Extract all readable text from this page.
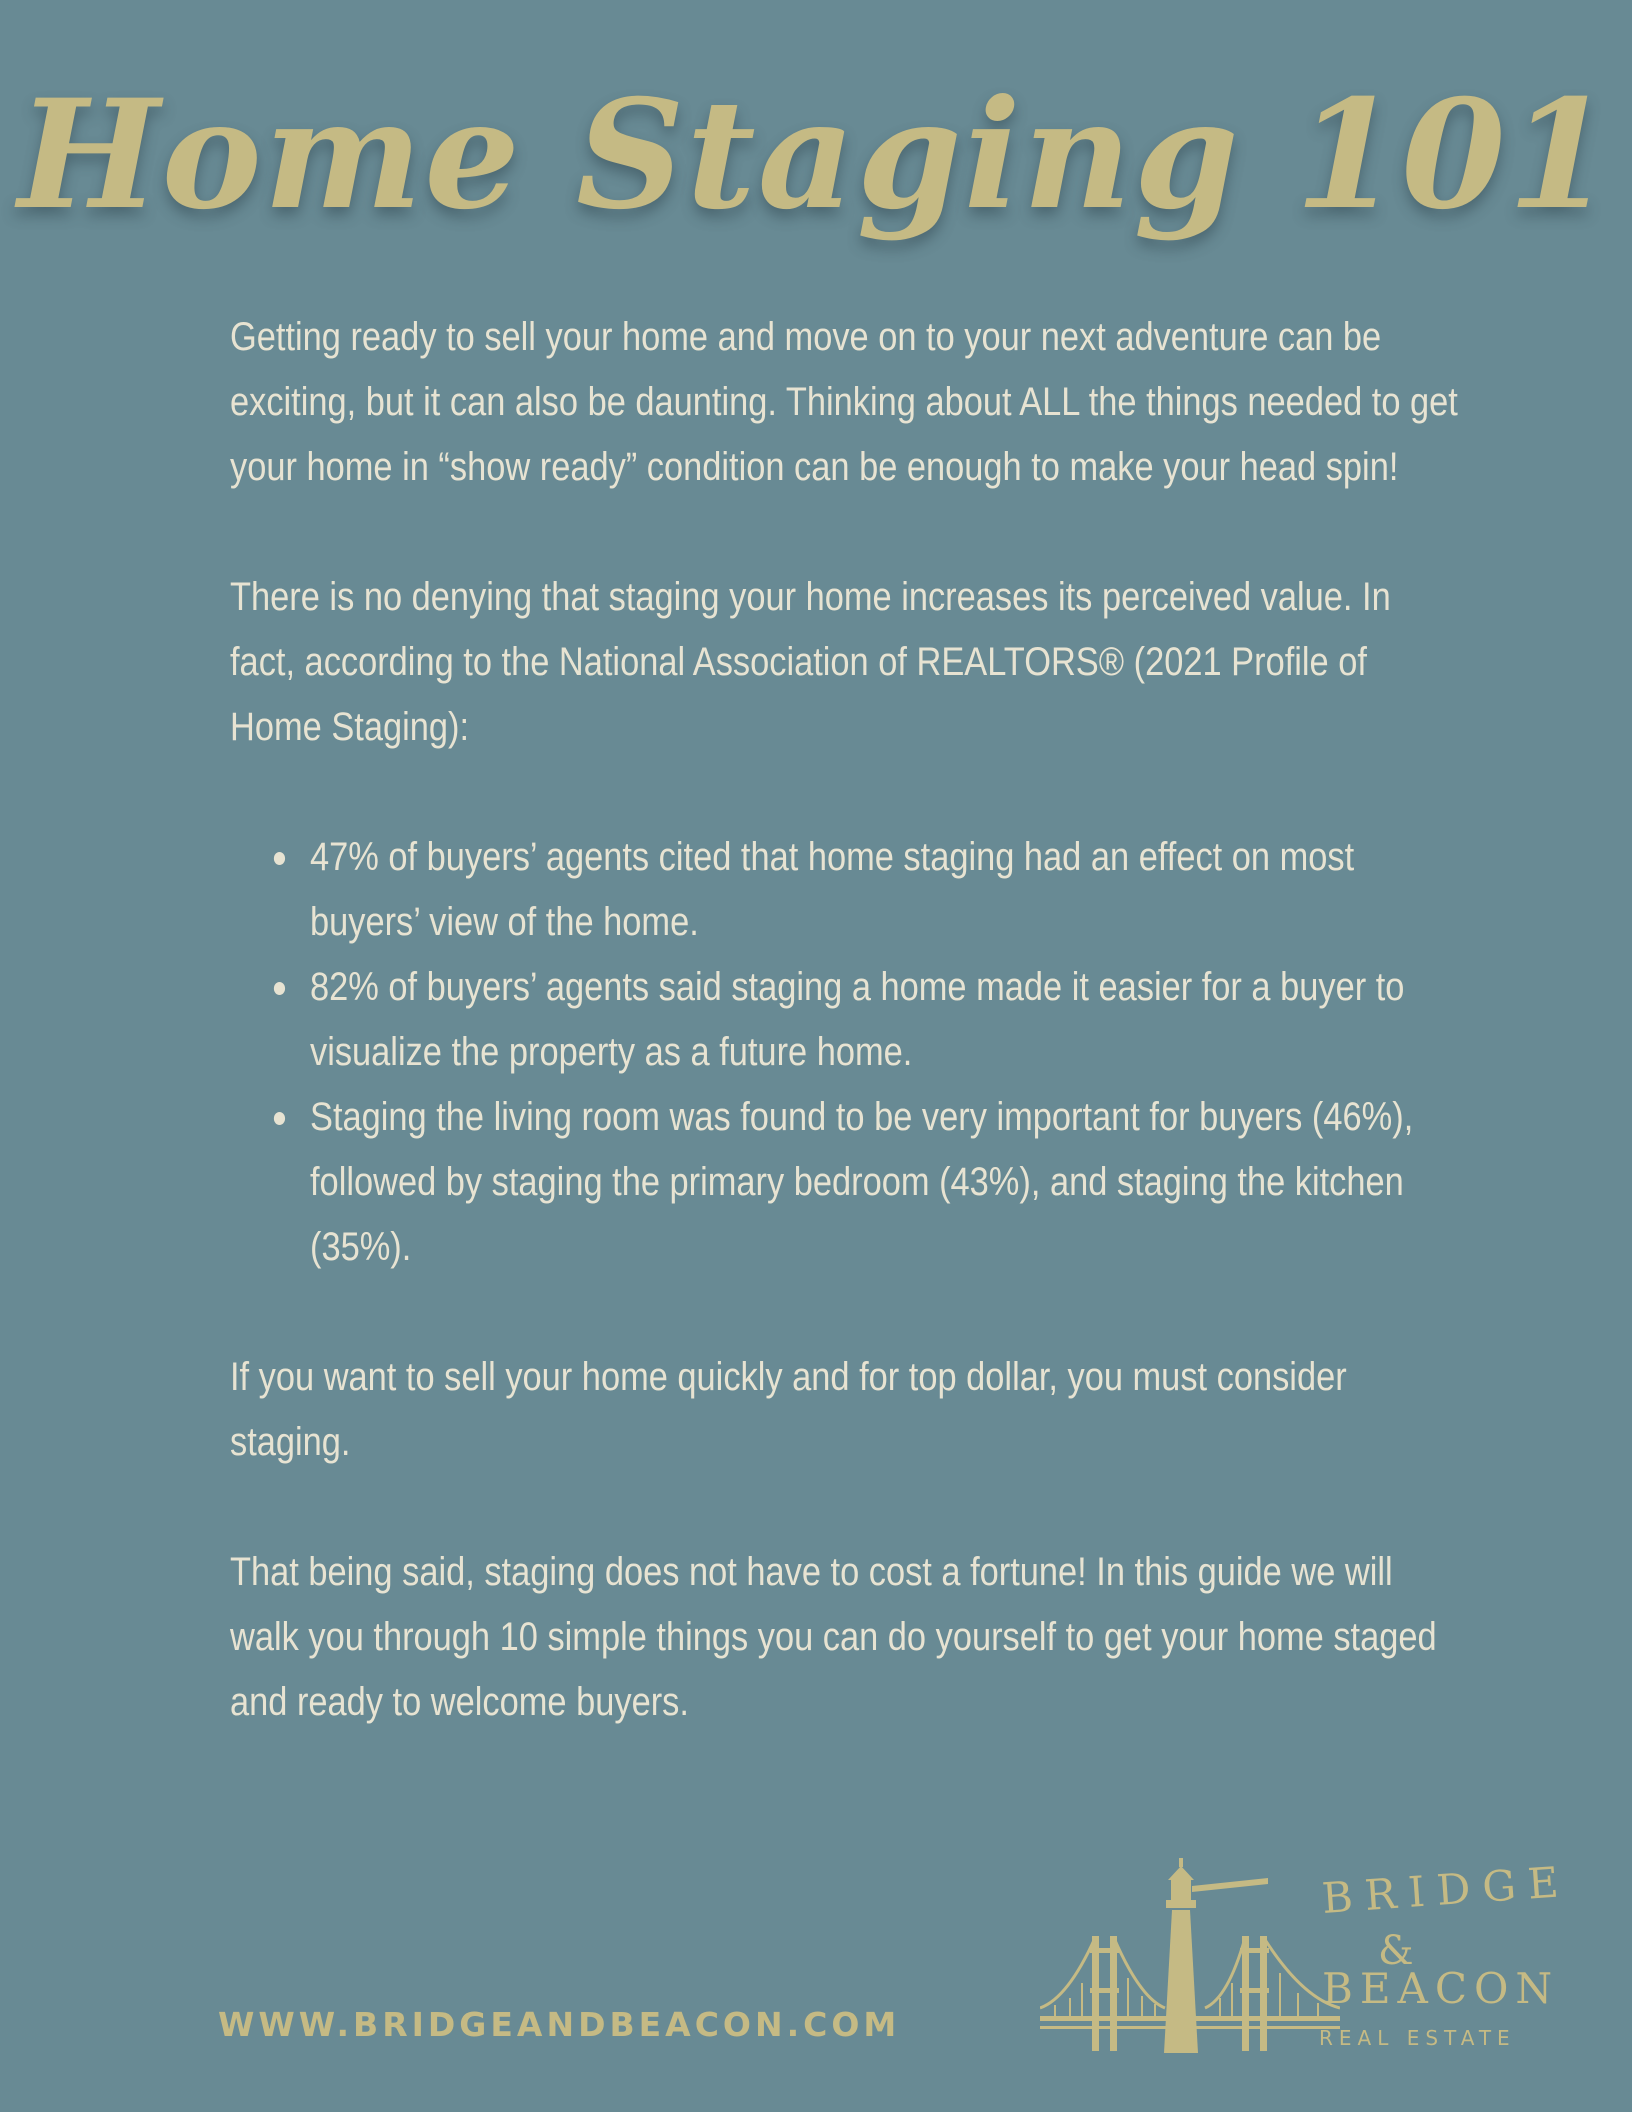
Home Staging 101

Getting ready to sell your home and move on to your next adventure can be exciting, but it can also be daunting. Thinking about ALL the things needed to get your home in “show ready” condition can be enough to make your head spin!

There is no denying that staging your home increases its perceived value. In fact, according to the National Association of REALTORS® (2021 Profile of Home Staging):

47% of buyers’ agents cited that home staging had an effect on most buyers’ view of the home.
82% of buyers’ agents said staging a home made it easier for a buyer to visualize the property as a future home.
Staging the living room was found to be very important for buyers (46%), followed by staging the primary bedroom (43%), and staging the kitchen (35%).

If you want to sell your home quickly and for top dollar, you must consider staging.

That being said, staging does not have to cost a fortune! In this guide we will walk you through 10 simple things you can do yourself to get your home staged and ready to welcome buyers.

WWW.BRIDGEANDBEACON.COM
BRIDGE
&
BEACON
REAL ESTATE
